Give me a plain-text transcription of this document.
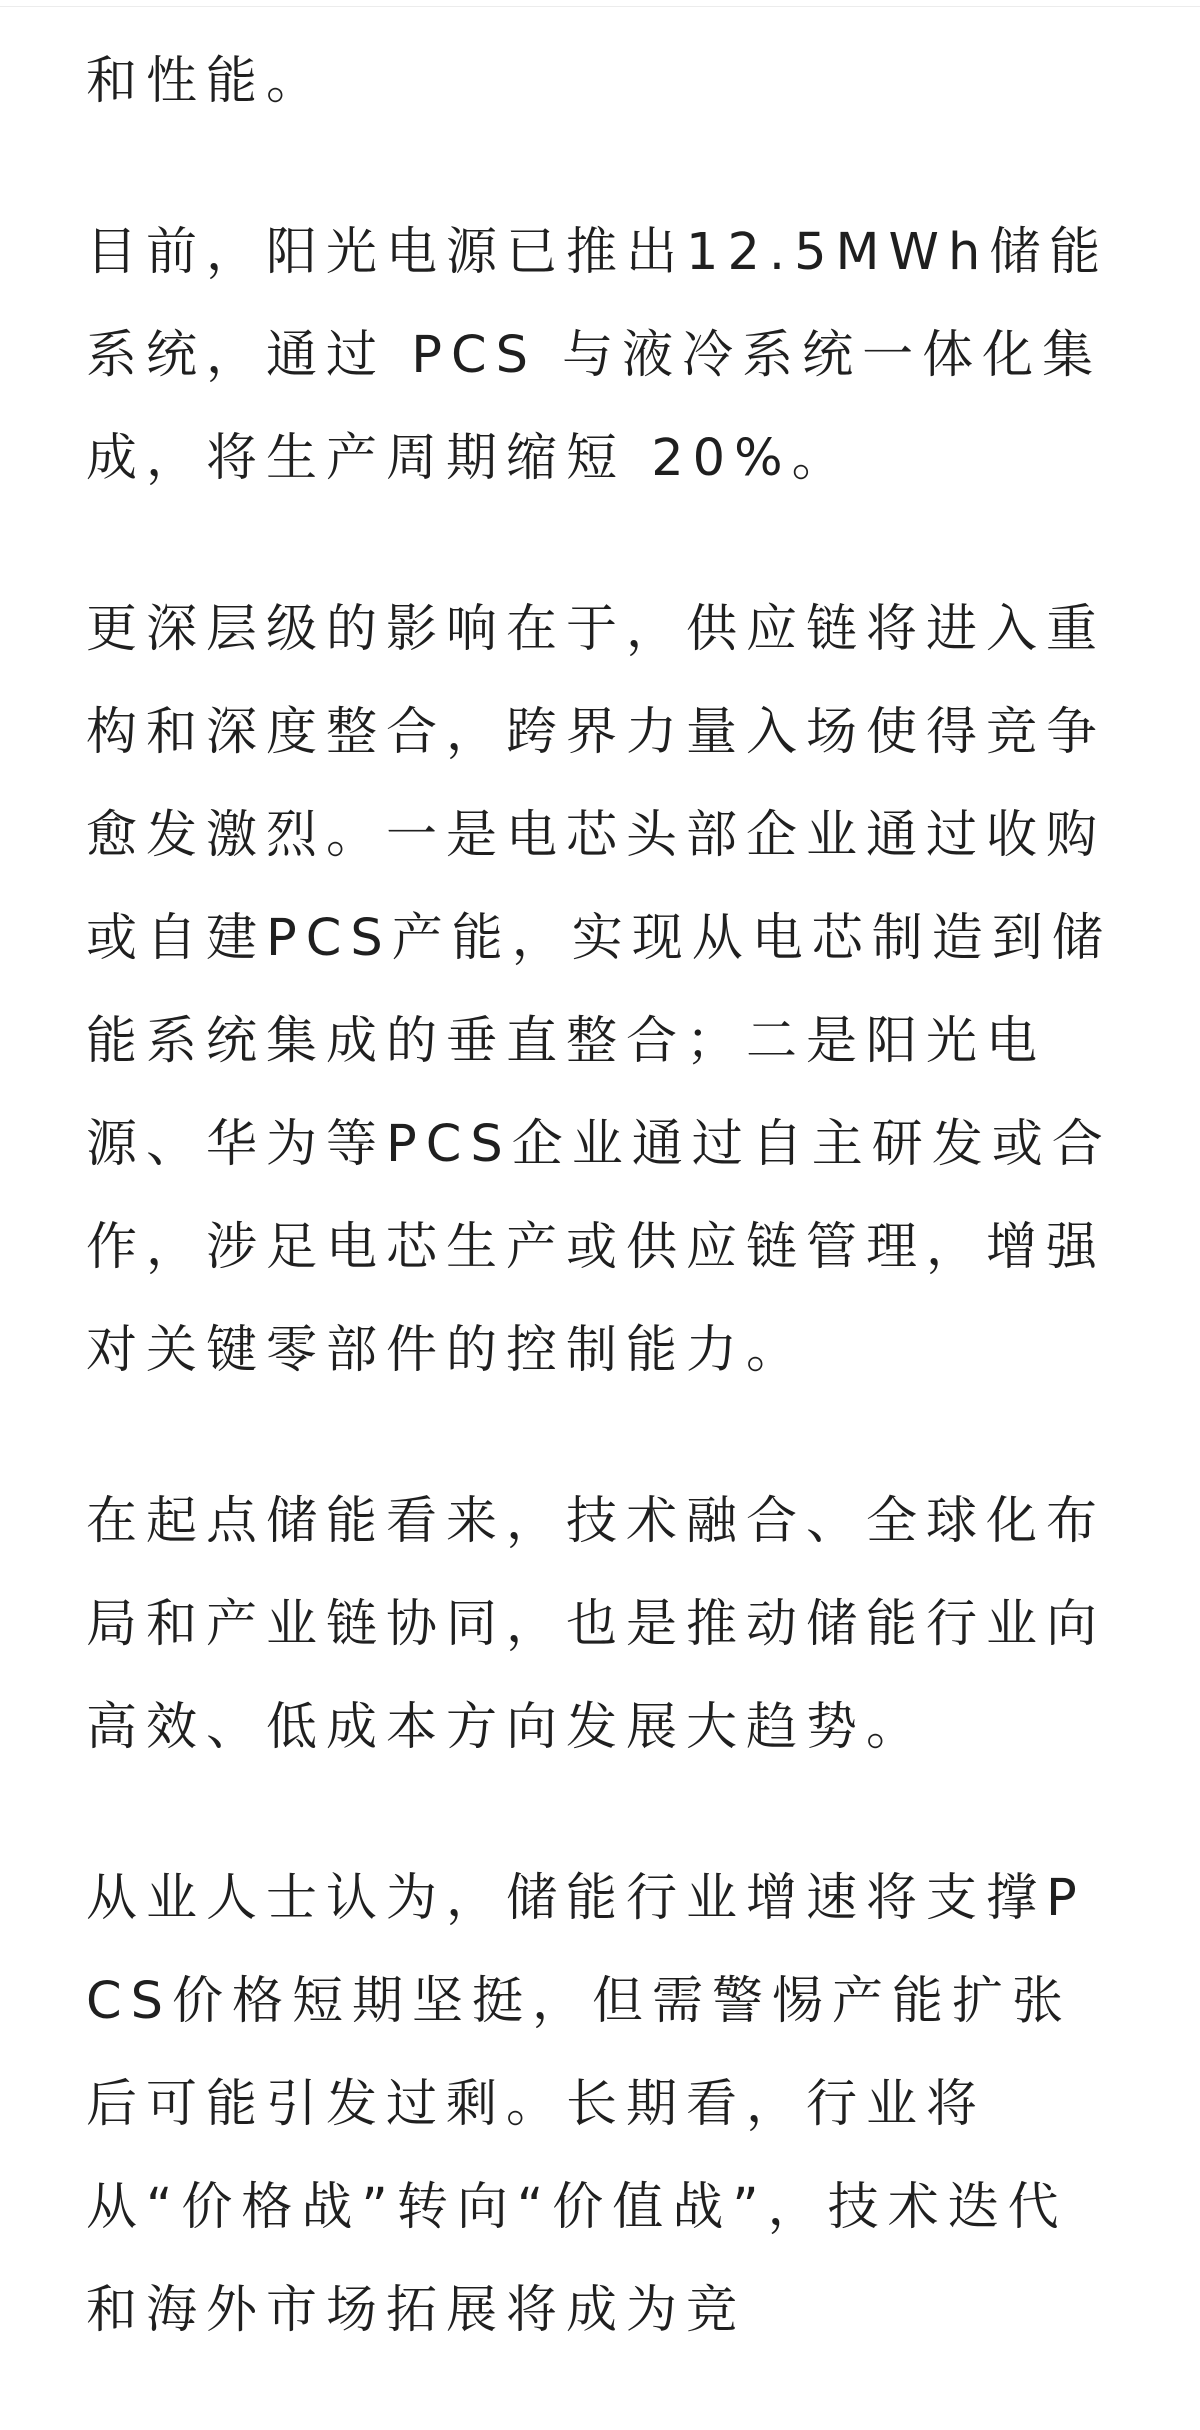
和性能。

目前，阳光电源已推出12.5MWh储能系统，通过 PCS 与液冷系统一体化集成，将生产周期缩短 20%。

更深层级的影响在于，供应链将进入重构和深度整合，跨界力量入场使得竞争愈发激烈。一是电芯头部企业通过收购或自建PCS产能，实现从电芯制造到储能系统集成的垂直整合；二是阳光电源、华为等PCS企业通过自主研发或合作，涉足电芯生产或供应链管理，增强对关键零部件的控制能力。

在起点储能看来，技术融合、全球化布局和产业链协同，也是推动储能行业向高效、低成本方向发展大趋势。

从业人士认为，储能行业增速将支撑PCS价格短期坚挺，但需警惕产能扩张后可能引发过剩。长期看，行业将从“价格战”转向“价值战”，技术迭代和海外市场拓展将成为竞
